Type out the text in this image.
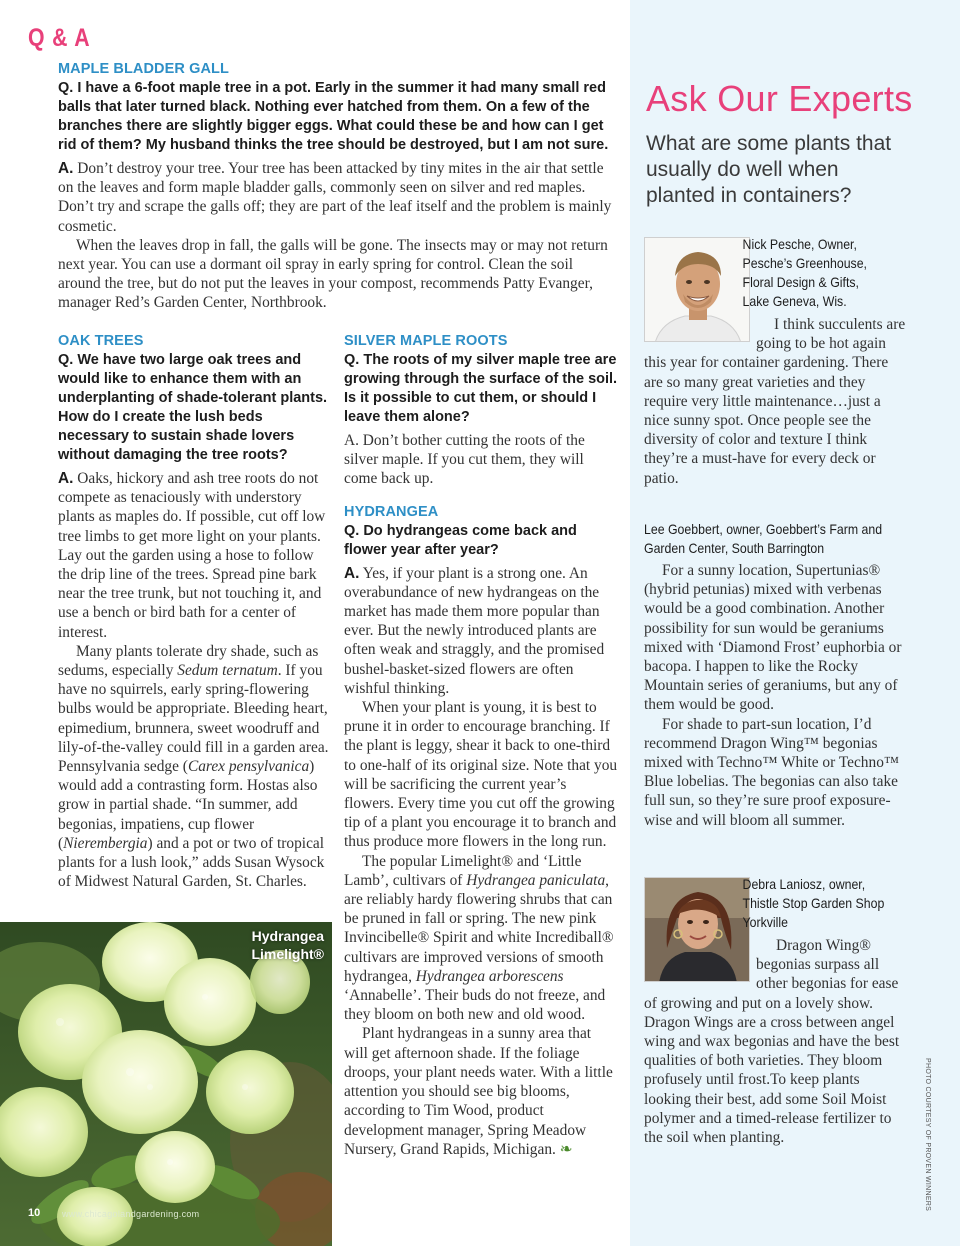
Q & A
MAPLE BLADDER GALL
Q. I have a 6-foot maple tree in a pot. Early in the summer it had many small red balls that later turned black. Nothing ever hatched from them. On a few of the branches there are slightly bigger eggs. What could these be and how can I get rid of them? My husband thinks the tree should be destroyed, but I am not sure.

A. Don’t destroy your tree. Your tree has been attacked by tiny mites in the air that settle on the leaves and form maple bladder galls, commonly seen on silver and red maples. Don’t try and scrape the galls off; they are part of the leaf itself and the problem is mainly cosmetic.

When the leaves drop in fall, the galls will be gone. The insects may or may not return next year. You can use a dormant oil spray in early spring for control. Clean the soil around the tree, but do not put the leaves in your compost, recommends Patty Evanger, manager Red’s Garden Center, Northbrook.

OAK TREES
Q. We have two large oak trees and would like to enhance them with an underplanting of shade-tolerant plants. How do I create the lush beds necessary to sustain shade lovers without damaging the tree roots?

A. Oaks, hickory and ash tree roots do not compete as tenaciously with understory plants as maples do. If possible, cut off low tree limbs to get more light on your plants. Lay out the garden using a hose to follow the drip line of the trees. Spread pine bark near the tree trunk, but not touching it, and use a bench or bird bath for a center of interest.

Many plants tolerate dry shade, such as sedums, especially Sedum ternatum. If you have no squirrels, early spring-flowering bulbs would be appropriate. Bleeding heart, epimedium, brunnera, sweet woodruff and lily-of-the-valley could fill in a garden area. Pennsylvania sedge (Carex pensylvanica) would add a contrasting form. Hostas also grow in partial shade. “In summer, add begonias, impatiens, cup flower (Nierembergia) and a pot or two of tropical plants for a lush look,” adds Susan Wysock of Midwest Natural Garden, St. Charles.

Hydrangea
Limelight®
10 www.chicagolandgardening.com
SILVER MAPLE ROOTS
Q. The roots of my silver maple tree are growing through the surface of the soil. Is it possible to cut them, or should I leave them alone?

A. Don’t bother cutting the roots of the silver maple. If you cut them, they will come back up.

HYDRANGEA
Q. Do hydrangeas come back and flower year after year?

A. Yes, if your plant is a strong one. An overabundance of new hydrangeas on the market has made them more popular than ever. But the newly introduced plants are often weak and straggly, and the promised bushel-basket-sized flowers are often wishful thinking.

When your plant is young, it is best to prune it in order to encourage branching. If the plant is leggy, shear it back to one-third to one-half of its original size. Note that you will be sacrificing the current year’s flowers. Every time you cut off the growing tip of a plant you encourage it to branch and thus produce more flowers in the long run.

The popular Limelight® and ‘Little Lamb’, cultivars of Hydrangea paniculata, are reliably hardy flowering shrubs that can be pruned in fall or spring. The new pink Invincibelle® Spirit and white Incrediball® cultivars are improved versions of smooth hydrangea, Hydrangea arborescens ‘Annabelle’. Their buds do not freeze, and they bloom on both new and old wood.

Plant hydrangeas in a sunny area that will get afternoon shade. If the foliage droops, your plant needs water. With a little attention you should see big blooms, according to Tim Wood, product development manager, Spring Meadow Nursery, Grand Rapids, Michigan. ❧

Ask Our Experts
What are some plants that usually do well when planted in containers?
Nick Pesche, Owner,
Pesche’s Greenhouse,
Floral Design & Gifts,
Lake Geneva, Wis.

I think succulents are going to be hot again this year for container gardening. There are so many great varieties and they require very little maintenance…just a nice sunny spot. Once people see the diversity of color and texture I think they’re a must-have for every deck or patio.

Lee Goebbert, owner, Goebbert’s Farm and
Garden Center, South Barrington

For a sunny location, Supertunias® (hybrid petunias) mixed with verbenas would be a good combination. Another possibility for sun would be geraniums mixed with ‘Diamond Frost’ euphorbia or bacopa. I happen to like the Rocky Mountain series of geraniums, but any of them would be good.

For shade to part-sun location, I’d recommend Dragon Wing™ begonias mixed with Techno™ White or Techno™ Blue lobelias. The begonias can also take full sun, so they’re sure proof exposure-wise and will bloom all summer.

Debra Laniosz, owner,
Thistle Stop Garden Shop
Yorkville

Dragon Wing® begonias surpass all other begonias for ease of growing and put on a lovely show. Dragon Wings are a cross between angel wing and wax begonias and have the best qualities of both varieties. They bloom profusely until frost.To keep plants looking their best, add some Soil Moist polymer and a timed-release fertilizer to the soil when planting.	PHOTO COURTESY OF PROVEN WINNERS
